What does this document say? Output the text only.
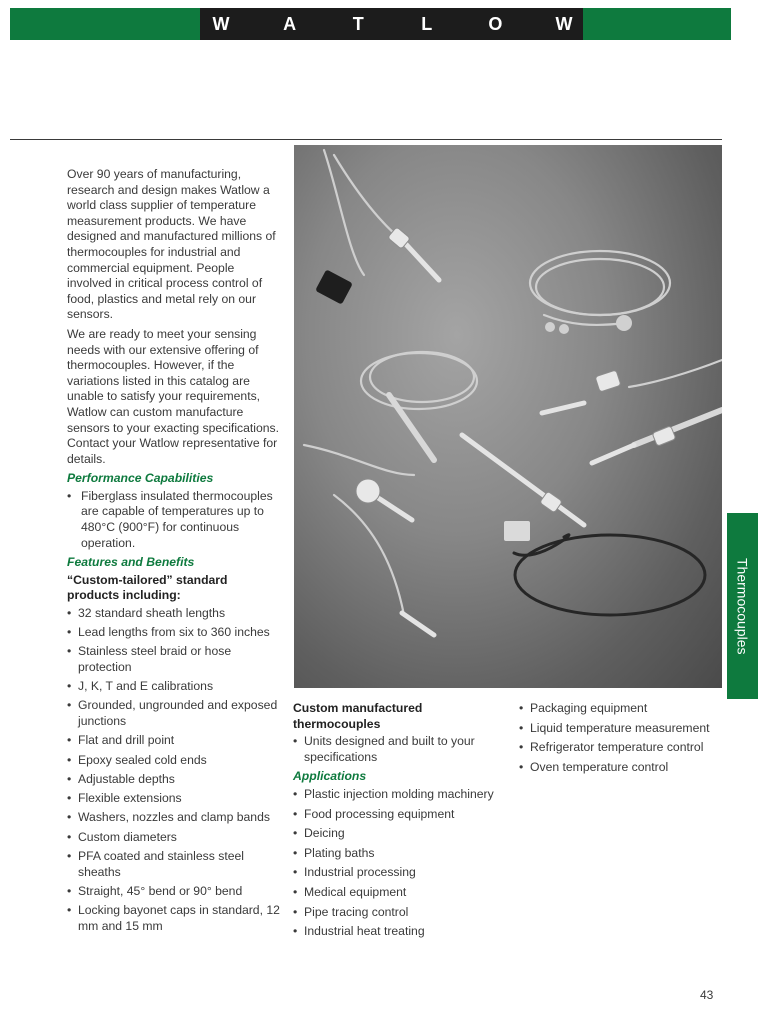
W	A	T	L	O	W

Over 90 years of manufacturing, research and design makes Watlow a world class supplier of temperature measurement products. We have designed and manufactured millions of thermocouples for industrial and commercial equipment. People involved in critical process control of food, plastics and metal rely on our sensors.

We are ready to meet your sensing needs with our extensive offering of thermocouples. However, if the variations listed in this catalog are unable to satisfy your requirements, Watlow can custom manufacture sensors to your exacting specifications. Contact your Watlow representative for details.

Performance Capabilities
• Fiberglass insulated thermocouples are capable of temperatures up to 480°C (900°F) for continuous operation.
Features and Benefits
“Custom-tailored” standard products including:
• 32 standard sheath lengths
• Lead lengths from six to 360 inches
• Stainless steel braid or hose protection
• J, K, T and E calibrations
• Grounded, ungrounded and exposed junctions
• Flat and drill point
• Epoxy sealed cold ends
• Adjustable depths
• Flexible extensions
• Washers, nozzles and clamp bands
• Custom diameters
• PFA coated and stainless steel sheaths
• Straight, 45° bend or 90° bend
• Locking bayonet caps in standard, 12 mm and 15 mm
Custom manufactured thermocouples
• Units designed and built to your specifications
Applications
• Plastic injection molding machinery
• Food processing equipment
• Deicing
• Plating baths
• Industrial processing
• Medical equipment
• Pipe tracing control
• Industrial heat treating
• Packaging equipment
• Liquid temperature measurement
• Refrigerator temperature control
• Oven temperature control
Thermocouples
43
